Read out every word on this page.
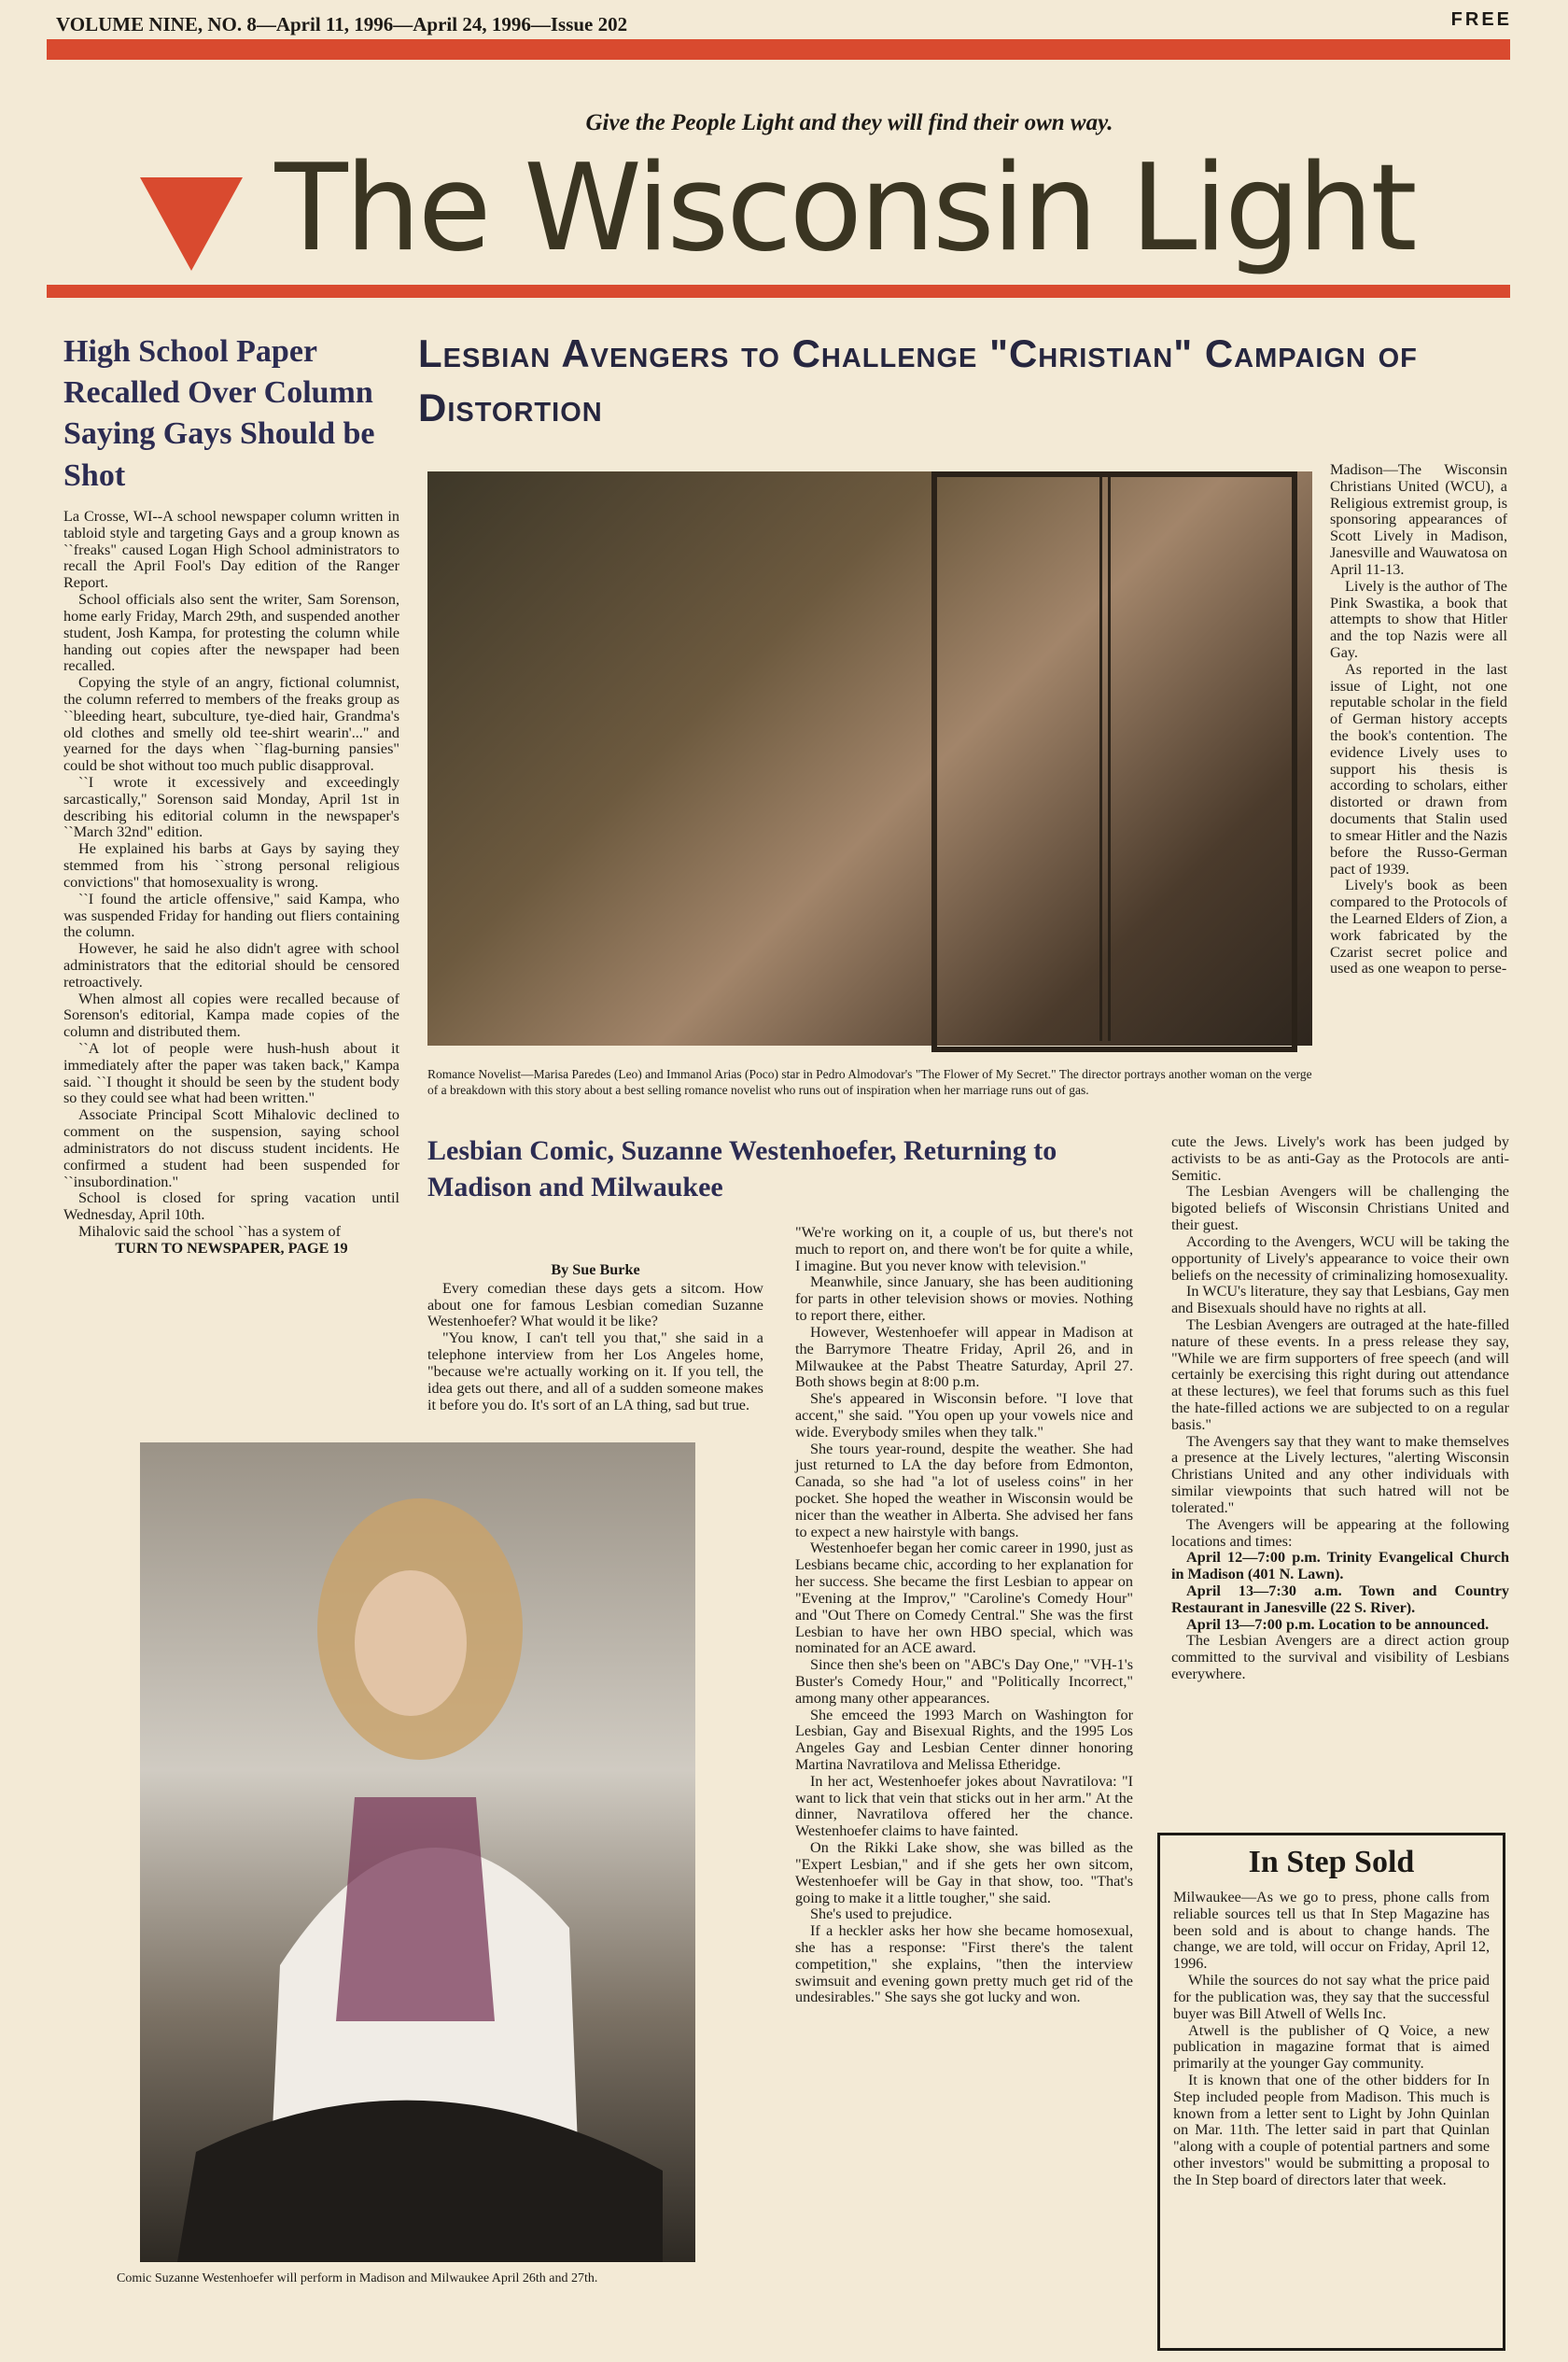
VOLUME NINE, NO. 8—April 11, 1996—April 24, 1996—Issue 202	FREE
Give the People Light and they will find their own way.
The Wisconsin Light
High School Paper Recalled Over Column Saying Gays Should be Shot

La Crosse, WI--A school newspaper column written in tabloid style and targeting Gays and a group known as ``freaks" caused Logan High School administrators to recall the April Fool's Day edition of the Ranger Report.

School officials also sent the writer, Sam Sorenson, home early Friday, March 29th, and suspended another student, Josh Kampa, for protesting the column while handing out copies after the newspaper had been recalled.

Copying the style of an angry, fictional columnist, the column referred to members of the freaks group as ``bleeding heart, subculture, tye-died hair, Grandma's old clothes and smelly old tee-shirt wearin'..." and yearned for the days when ``flag-burning pansies" could be shot without too much public disapproval.

``I wrote it excessively and exceedingly sarcastically," Sorenson said Monday, April 1st in describing his editorial column in the newspaper's ``March 32nd" edition.

He explained his barbs at Gays by saying they stemmed from his ``strong personal religious convictions" that homosexuality is wrong.

``I found the article offensive," said Kampa, who was suspended Friday for handing out fliers containing the column.

However, he said he also didn't agree with school administrators that the editorial should be censored retroactively.

When almost all copies were recalled because of Sorenson's editorial, Kampa made copies of the column and distributed them.

``A lot of people were hush-hush about it immediately after the paper was taken back," Kampa said. ``I thought it should be seen by the student body so they could see what had been written."

Associate Principal Scott Mihalovic declined to comment on the suspension, saying school administrators do not discuss student incidents. He confirmed a student had been suspended for ``insubordination."

School is closed for spring vacation until Wednesday, April 10th.

Mihalovic said the school ``has a system of

TURN TO NEWSPAPER, PAGE 19
Lesbian Avengers to Challenge "Christian" Campaign of Distortion
Romance Novelist—Marisa Paredes (Leo) and Immanol Arias (Poco) star in Pedro Almodovar's "The Flower of My Secret." The director portrays another woman on the verge of a breakdown with this story about a best selling romance novelist who runs out of inspiration when her marriage runs out of gas.

Madison—The Wisconsin Christians United (WCU), a Religious extremist group, is sponsoring appearances of Scott Lively in Madison, Janesville and Wauwatosa on April 11-13.

Lively is the author of The Pink Swastika, a book that attempts to show that Hitler and the top Nazis were all Gay.

As reported in the last issue of Light, not one reputable scholar in the field of German history accepts the book's contention. The evidence Lively uses to support his thesis is according to scholars, either distorted or drawn from documents that Stalin used to smear Hitler and the Nazis before the Russo-German pact of 1939.

Lively's book as been compared to the Protocols of the Learned Elders of Zion, a work fabricated by the Czarist secret police and used as one weapon to perse-

cute the Jews. Lively's work has been judged by activists to be as anti-Gay as the Protocols are anti-Semitic.

The Lesbian Avengers will be challenging the bigoted beliefs of Wisconsin Christians United and their guest.

According to the Avengers, WCU will be taking the opportunity of Lively's appearance to voice their own beliefs on the necessity of criminalizing homosexuality.

In WCU's literature, they say that Lesbians, Gay men and Bisexuals should have no rights at all.

The Lesbian Avengers are outraged at the hate-filled nature of these events. In a press release they say, "While we are firm supporters of free speech (and will certainly be exercising this right during out attendance at these lectures), we feel that forums such as this fuel the hate-filled actions we are subjected to on a regular basis."

The Avengers say that they want to make themselves a presence at the Lively lectures, "alerting Wisconsin Christians United and any other individuals with similar viewpoints that such hatred will not be tolerated."

The Avengers will be appearing at the following locations and times:

April 12—7:00 p.m. Trinity Evangelical Church in Madison (401 N. Lawn).

April 13—7:30 a.m. Town and Country Restaurant in Janesville (22 S. River).

April 13—7:00 p.m. Location to be announced.

The Lesbian Avengers are a direct action group committed to the survival and visibility of Lesbians everywhere.

Lesbian Comic, Suzanne Westenhoefer, Returning to Madison and Milwaukee
By Sue Burke

Every comedian these days gets a sitcom. How about one for famous Lesbian comedian Suzanne Westenhoefer? What would it be like?

"You know, I can't tell you that," she said in a telephone interview from her Los Angeles home, "because we're actually working on it. If you tell, the idea gets out there, and all of a sudden someone makes it before you do. It's sort of an LA thing, sad but true.

"We're working on it, a couple of us, but there's not much to report on, and there won't be for quite a while, I imagine. But you never know with television."

Meanwhile, since January, she has been auditioning for parts in other television shows or movies. Nothing to report there, either.

However, Westenhoefer will appear in Madison at the Barrymore Theatre Friday, April 26, and in Milwaukee at the Pabst Theatre Saturday, April 27. Both shows begin at 8:00 p.m.

She's appeared in Wisconsin before. "I love that accent," she said. "You open up your vowels nice and wide. Everybody smiles when they talk."

She tours year-round, despite the weather. She had just returned to LA the day before from Edmonton, Canada, so she had "a lot of useless coins" in her pocket. She hoped the weather in Wisconsin would be nicer than the weather in Alberta. She advised her fans to expect a new hairstyle with bangs.

Westenhoefer began her comic career in 1990, just as Lesbians became chic, according to her explanation for her success. She became the first Lesbian to appear on "Evening at the Improv," "Caroline's Comedy Hour" and "Out There on Comedy Central." She was the first Lesbian to have her own HBO special, which was nominated for an ACE award.

Since then she's been on "ABC's Day One," "VH-1's Buster's Comedy Hour," and "Politically Incorrect," among many other appearances.

She emceed the 1993 March on Washington for Lesbian, Gay and Bisexual Rights, and the 1995 Los Angeles Gay and Lesbian Center dinner honoring Martina Navratilova and Melissa Etheridge.

In her act, Westenhoefer jokes about Navratilova: "I want to lick that vein that sticks out in her arm." At the dinner, Navratilova offered her the chance. Westenhoefer claims to have fainted.

On the Rikki Lake show, she was billed as the "Expert Lesbian," and if she gets her own sitcom, Westenhoefer will be Gay in that show, too. "That's going to make it a little tougher," she said.

She's used to prejudice.

If a heckler asks her how she became homosexual, she has a response: "First there's the talent competition," she explains, "then the interview swimsuit and evening gown pretty much get rid of the undesirables." She says she got lucky and won.

Comic Suzanne Westenhoefer will perform in Madison and Milwaukee April 26th and 27th.
In Step Sold

Milwaukee—As we go to press, phone calls from reliable sources tell us that In Step Magazine has been sold and is about to change hands. The change, we are told, will occur on Friday, April 12, 1996.

While the sources do not say what the price paid for the publication was, they say that the successful buyer was Bill Atwell of Wells Inc.

Atwell is the publisher of Q Voice, a new publication in magazine format that is aimed primarily at the younger Gay community.

It is known that one of the other bidders for In Step included people from Madison. This much is known from a letter sent to Light by John Quinlan on Mar. 11th. The letter said in part that Quinlan "along with a couple of potential partners and some other investors" would be submitting a proposal to the In Step board of directors later that week.
